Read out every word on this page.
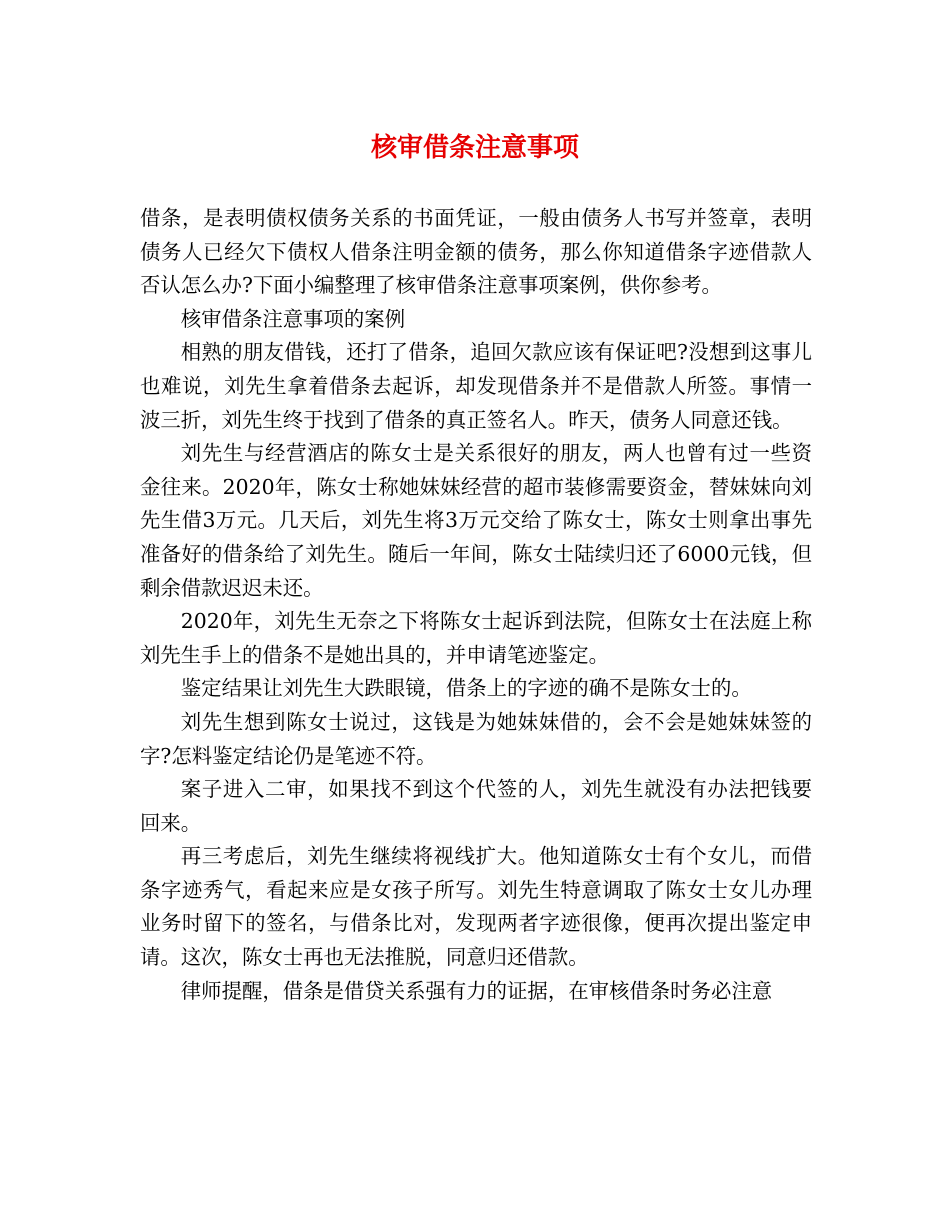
核审借条注意事项

借条，是表明债权债务关系的书面凭证，一般由债务人书写并签章，表明债务人已经欠下债权人借条注明金额的债务，那么你知道借条字迹借款人否认怎么办?下面小编整理了核审借条注意事项案例，供你参考。

核审借条注意事项的案例

相熟的朋友借钱，还打了借条，追回欠款应该有保证吧?没想到这事儿也难说，刘先生拿着借条去起诉，却发现借条并不是借款人所签。事情一波三折，刘先生终于找到了借条的真正签名人。昨天，债务人同意还钱。

刘先生与经营酒店的陈女士是关系很好的朋友，两人也曾有过一些资金往来。2020年，陈女士称她妹妹经营的超市装修需要资金，替妹妹向刘先生借3万元。几天后，刘先生将3万元交给了陈女士，陈女士则拿出事先准备好的借条给了刘先生。随后一年间，陈女士陆续归还了6000元钱，但剩余借款迟迟未还。

2020年，刘先生无奈之下将陈女士起诉到法院，但陈女士在法庭上称刘先生手上的借条不是她出具的，并申请笔迹鉴定。

鉴定结果让刘先生大跌眼镜，借条上的字迹的确不是陈女士的。

刘先生想到陈女士说过，这钱是为她妹妹借的，会不会是她妹妹签的字?怎料鉴定结论仍是笔迹不符。

案子进入二审，如果找不到这个代签的人，刘先生就没有办法把钱要回来。

再三考虑后，刘先生继续将视线扩大。他知道陈女士有个女儿，而借条字迹秀气，看起来应是女孩子所写。刘先生特意调取了陈女士女儿办理业务时留下的签名，与借条比对，发现两者字迹很像，便再次提出鉴定申请。这次，陈女士再也无法推脱，同意归还借款。

律师提醒，借条是借贷关系强有力的证据，在审核借条时务必注意
